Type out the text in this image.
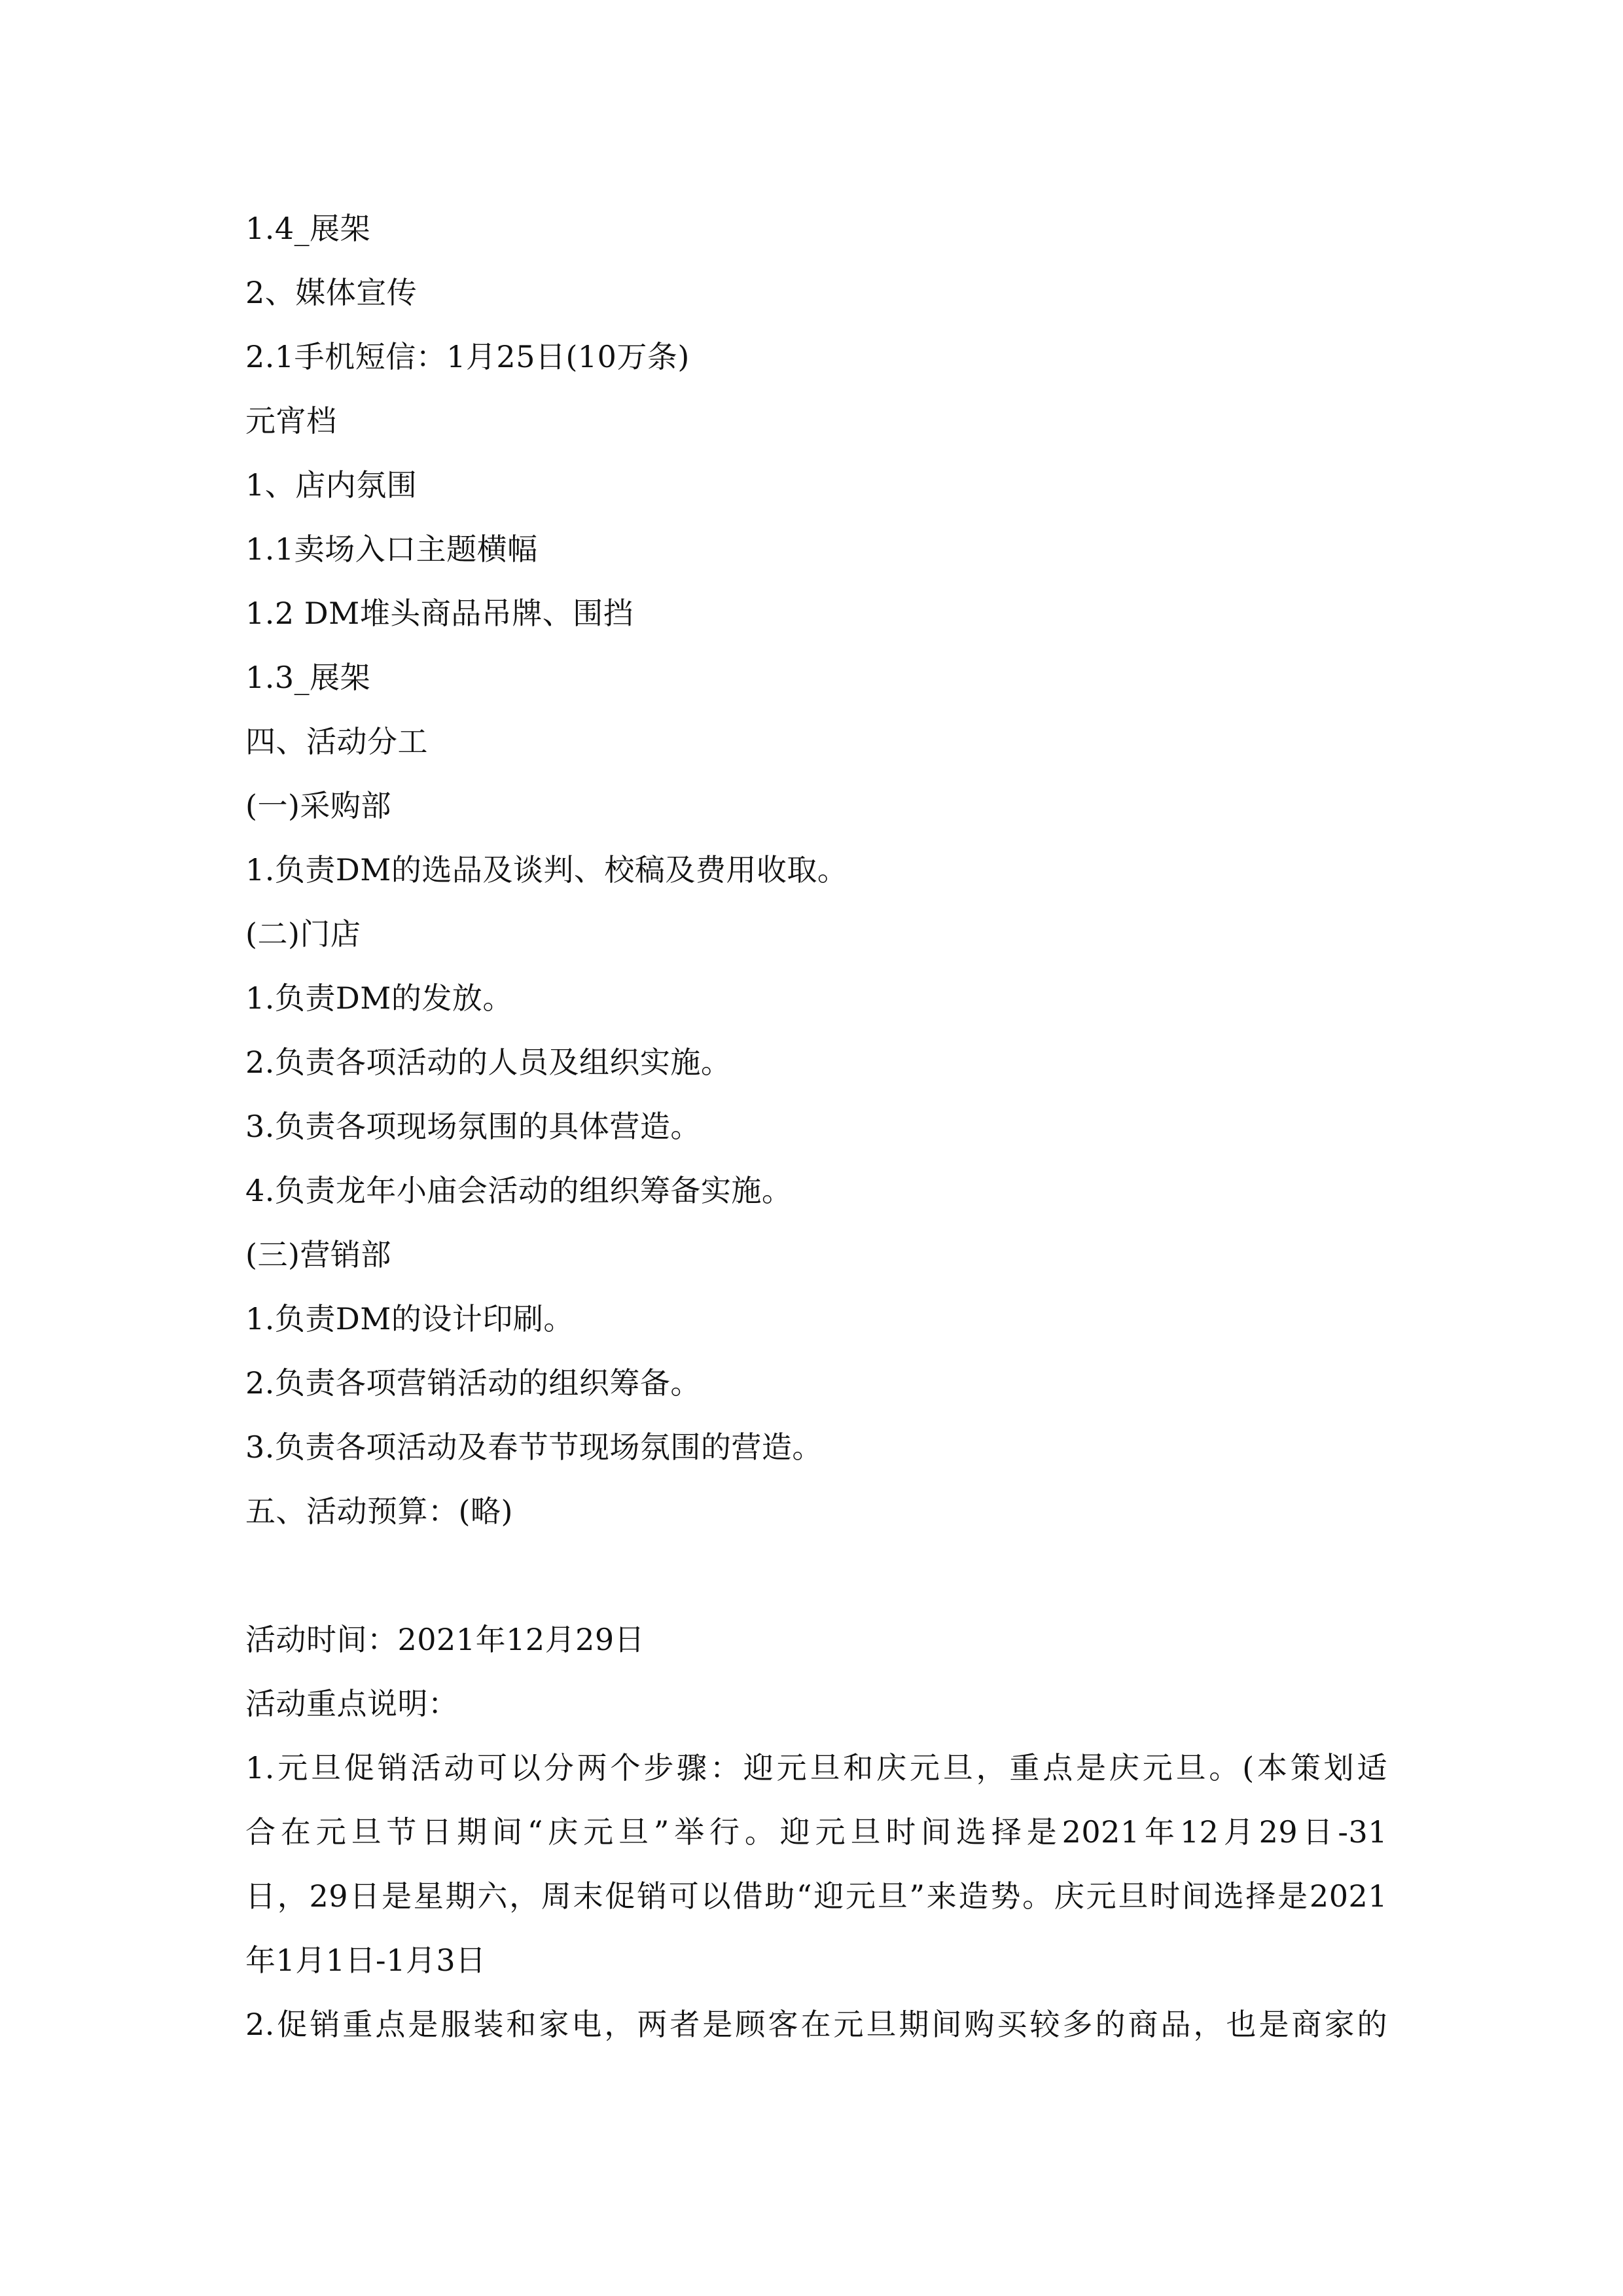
1.4_展架
2、媒体宣传
2.1手机短信：1月25日(10万条)
元宵档
1、店内氛围
1.1卖场入口主题横幅
1.2 DM堆头商品吊牌、围挡
1.3_展架
四、活动分工
(一)采购部
1.负责DM的选品及谈判、校稿及费用收取。
(二)门店
1.负责DM的发放。
2.负责各项活动的人员及组织实施。
3.负责各项现场氛围的具体营造。
4.负责龙年小庙会活动的组织筹备实施。
(三)营销部
1.负责DM的设计印刷。
2.负责各项营销活动的组织筹备。
3.负责各项活动及春节节现场氛围的营造。
五、活动预算：(略)
活动时间：2021年12月29日
活动重点说明：
1.元旦促销活动可以分两个步骤：迎元旦和庆元旦，重点是庆元旦。(本策划适
合在元旦节日期间“庆元旦”举行。迎元旦时间选择是2021年12月29日-31
日，29日是星期六，周末促销可以借助“迎元旦”来造势。庆元旦时间选择是2021
年1月1日-1月3日
2.促销重点是服装和家电，两者是顾客在元旦期间购买较多的商品，也是商家的
